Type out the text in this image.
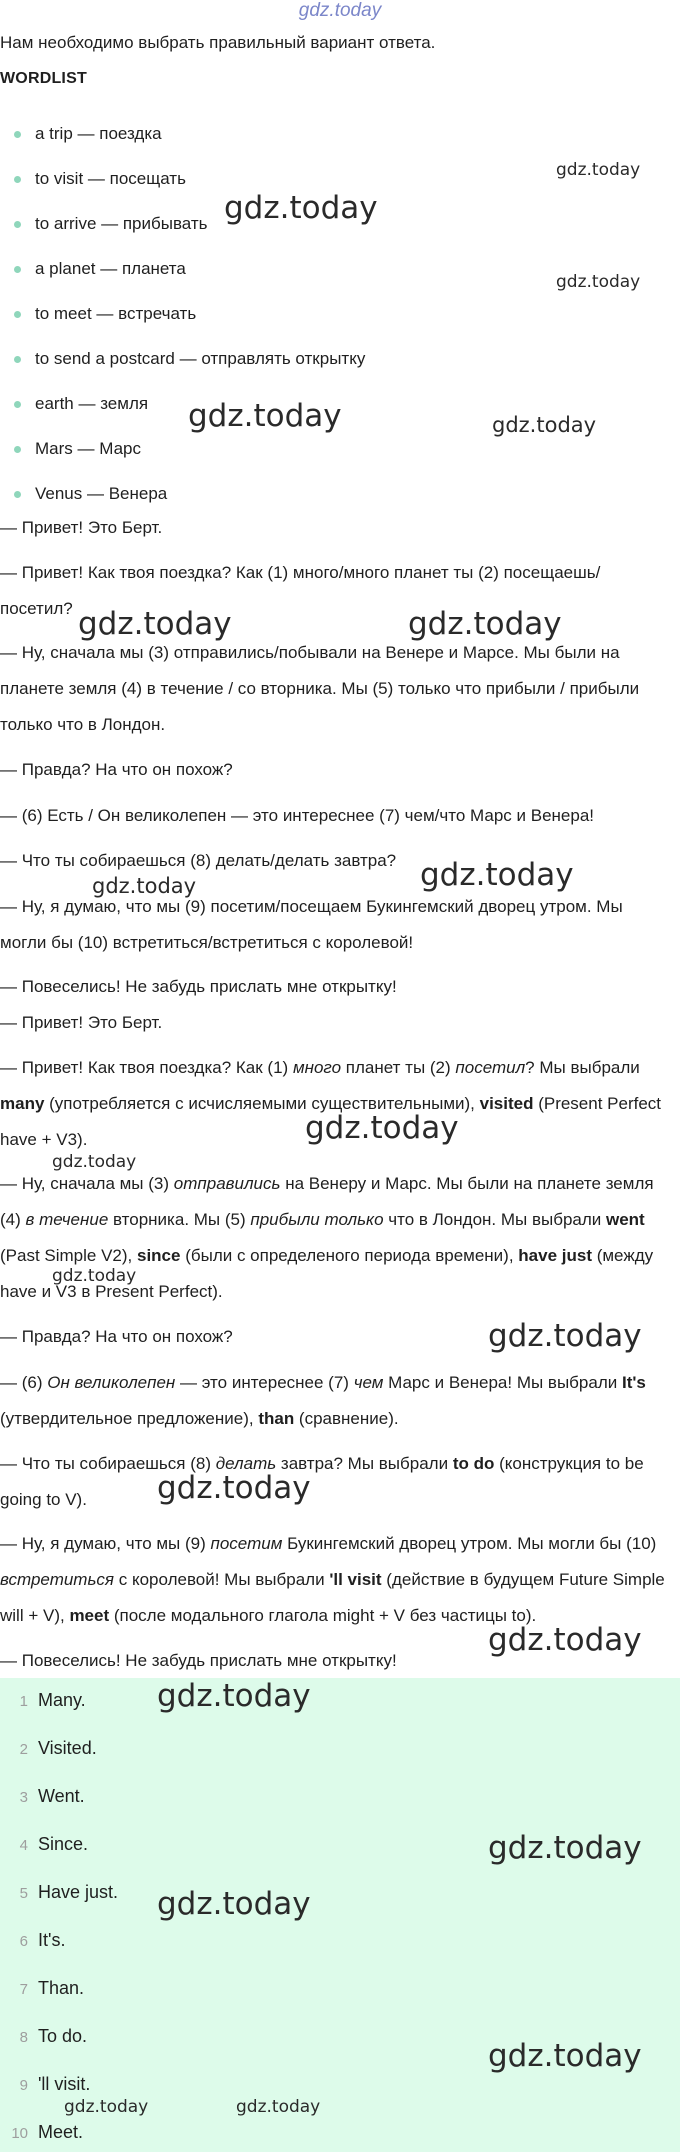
gdz.today
Нам необходимо выбрать правильный вариант ответа.
WORDLIST
a trip — поездка
to visit — посещать
to arrive — прибывать
a planet — планета
to meet — встречать
to send a postcard — отправлять открытку
earth — земля
Mars — Марс
Venus — Венера
— Привет! Это Берт.
— Привет! Как твоя поездка? Как (1) много/много планет ты (2) посещаешь/ посетил?
— Ну, сначала мы (3) отправились/побывали на Венере и Марсе. Мы были на планете земля (4) в течение / со вторника. Мы (5) только что прибыли / прибыли только что в Лондон.
— Правда? На что он похож?
— (6) Есть / Он великолепен — это интереснее (7) чем/что Марс и Венера!
— Что ты собираешься (8) делать/делать завтра?
— Ну, я думаю, что мы (9) посетим/посещаем Букингемский дворец утром. Мы могли бы (10) встретиться/встретиться с королевой!
— Повеселись! Не забудь прислать мне открытку!
— Привет! Это Берт.
— Привет! Как твоя поездка? Как (1) много планет ты (2) посетил? Мы выбрали many (употребляется с исчисляемыми существительными), visited (Present Perfect have + V3).
— Ну, сначала мы (3) отправились на Венеру и Марс. Мы были на планете земля (4) в течение вторника. Мы (5) прибыли только что в Лондон. Мы выбрали went (Past Simple V2), since (были с определеного периода времени), have just (между have и V3 в Present Perfect).
— Правда? На что он похож?
— (6) Он великолепен — это интереснее (7) чем Марс и Венера! Мы выбрали It's (утвердительное предложение), than (сравнение).
— Что ты собираешься (8) делать завтра? Мы выбрали to do (конструкция to be going to V).
— Ну, я думаю, что мы (9) посетим Букингемский дворец утром. Мы могли бы (10) встретиться с королевой! Мы выбрали 'll visit (действие в будущем Future Simple will + V), meet (после модального глагола might + V без частицы to).
— Повеселись! Не забудь прислать мне открытку!
1 Many.
2 Visited.
3 Went.
4 Since.
5 Have just.
6 It's.
7 Than.
8 To do.
9 'll visit.
10 Meet.
gdz.today
gdz.today
gdz.today
gdz.today	gdz.today
gdz.today	gdz.today
gdz.today	gdz.today
gdz.today
gdz.today
gdz.today
gdz.today
gdz.today
gdz.today
gdz.today
gdz.today
gdz.today
gdz.today
gdz.today	gdz.today
